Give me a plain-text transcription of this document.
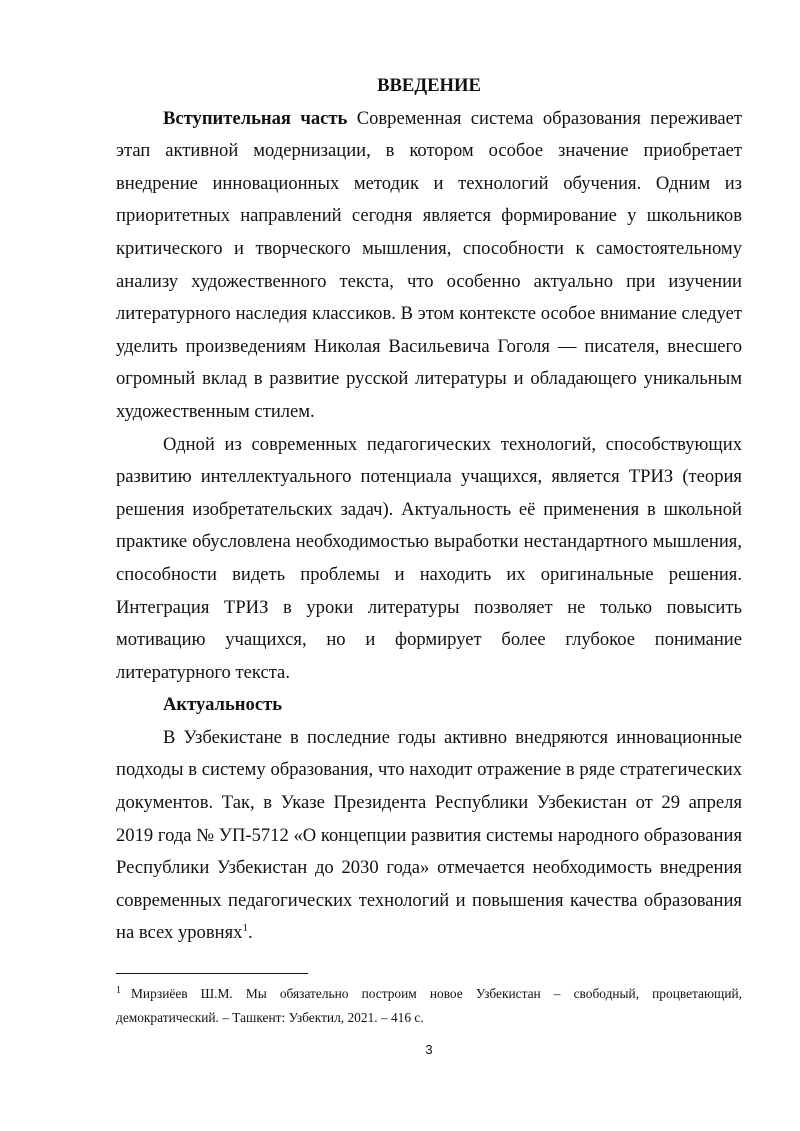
ВВЕДЕНИЕ

Вступительная часть Современная система образования переживает этап активной модернизации, в котором особое значение приобретает внедрение инновационных методик и технологий обучения. Одним из приоритетных направлений сегодня является формирование у школьников критического и творческого мышления, способности к самостоятельному анализу художественного текста, что особенно актуально при изучении литературного наследия классиков. В этом контексте особое внимание следует уделить произведениям Николая Васильевича Гоголя — писателя, внесшего огромный вклад в развитие русской литературы и обладающего уникальным художественным стилем.

Одной из современных педагогических технологий, способствующих развитию интеллектуального потенциала учащихся, является ТРИЗ (теория решения изобретательских задач). Актуальность её применения в школьной практике обусловлена необходимостью выработки нестандартного мышления, способности видеть проблемы и находить их оригинальные решения. Интеграция ТРИЗ в уроки литературы позволяет не только повысить мотивацию учащихся, но и формирует более глубокое понимание литературного текста.

Актуальность

В Узбекистане в последние годы активно внедряются инновационные подходы в систему образования, что находит отражение в ряде стратегических документов. Так, в Указе Президента Республики Узбекистан от 29 апреля 2019 года № УП-5712 «О концепции развития системы народного образования Республики Узбекистан до 2030 года» отмечается необходимость внедрения современных педагогических технологий и повышения качества образования на всех уровнях$^1$.

$^1$ Мирзиёев Ш.М. Мы обязательно построим новое Узбекистан – свободный, процветающий, демократический. – Ташкент: Узбектил, 2021. – 416 с.

3
